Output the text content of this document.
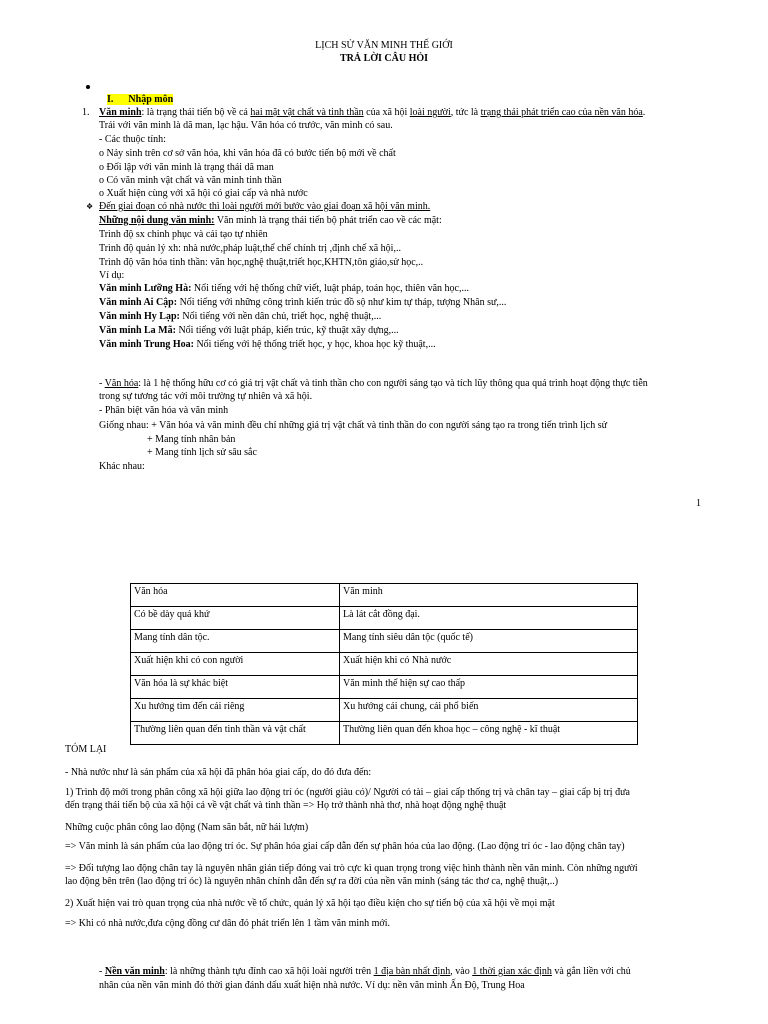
LỊCH SỬ VĂN MINH THẾ GIỚI
TRẢ LỜI CÂU HỎI
I. Nhập môn
1. Văn minh: là trạng thái tiến bộ về cả hai mặt vật chất và tinh thần của xã hội loài người, tức là trạng thái phát triển cao của nền văn hóa.
Trái với văn minh là dã man, lạc hậu. Văn hóa có trước, văn minh có sau.
- Các thuộc tính:
o Nảy sinh trên cơ sở văn hóa, khi văn hóa đã có bước tiến bộ mới về chất
o Đối lập với văn minh là trạng thái dã man
o Có văn minh vật chất và văn minh tinh thần
o Xuất hiện cùng với xã hội có giai cấp và nhà nước
❖ Đến giai đoạn có nhà nước thì loài người mới bước vào giai đoạn xã hội văn minh.
Những nội dung văn minh: Văn minh là trạng thái tiến bộ phát triển cao về các mặt:
Trình độ sx chinh phục và cải tạo tự nhiên
Trình độ quản lý xh: nhà nước,pháp luật,thể chế chính trị ,định chế xã hội,..
Trình độ văn hóa tinh thần: văn học,nghệ thuật,triết học,KHTN,tôn giáo,sử học,..
Ví dụ:
Văn minh Lưỡng Hà: Nổi tiếng với hệ thống chữ viết, luật pháp, toán học, thiên văn học,...
Văn minh Ai Cập: Nổi tiếng với những công trình kiến trúc đồ sộ như kim tự tháp, tượng Nhân sư,...
Văn minh Hy Lạp: Nổi tiếng với nền dân chủ, triết học, nghệ thuật,...
Văn minh La Mã: Nổi tiếng với luật pháp, kiến trúc, kỹ thuật xây dựng,...
Văn minh Trung Hoa: Nổi tiếng với hệ thống triết học, y học, khoa học kỹ thuật,...
- Văn hóa: là 1 hệ thống hữu cơ có giá trị vật chất và tinh thần cho con người sáng tạo và tích lũy thông qua quá trình hoạt động thực tiễn
trong sự tương tác với môi trường tự nhiên và xã hội.
- Phân biệt văn hóa và văn minh
Giống nhau: + Văn hóa và văn minh đều chỉ những giá trị vật chất và tinh thần do con người sáng tạo ra trong tiến trình lịch sử
+ Mang tính nhân bản
+ Mang tính lịch sử sâu sắc
Khác nhau:
1
Văn hóa	Văn minh
Có bề dày quá khứ	Là lát cắt đồng đại.
Mang tính dân tộc.	Mang tính siêu dân tộc (quốc tế)
Xuất hiện khi có con người	Xuất hiện khi có Nhà nước
Văn hóa là sự khác biệt	Văn minh thể hiện sự cao thấp
Xu hướng tìm đến cái riêng	Xu hướng cái chung, cái phổ biến
Thường liên quan đến tinh thần và vật chất	Thường liên quan đến khoa học – công nghệ - kĩ thuật
TÓM LẠI
- Nhà nước như là sản phẩm của xã hội đã phân hóa giai cấp, do đó đưa đến:
1) Trình độ mới trong phân công xã hội giữa lao động trí óc (người giàu có)/ Người có tài – giai cấp thống trị và chân tay – giai cấp bị trị đưa
đến trạng thái tiến bộ của xã hội cả về vật chất và tinh thần => Họ trở thành nhà thơ, nhà hoạt động nghệ thuật
Những cuộc phân công lao động (Nam săn bắt, nữ hái lượm)
=> Văn minh là sản phẩm của lao động trí óc. Sự phân hóa giai cấp dẫn đến sự phân hóa của lao động. (Lao động trí óc - lao động chân tay)
=> Đối tượng lao động chân tay là nguyên nhân gián tiếp đóng vai trò cực kì quan trọng trong việc hình thành nền văn minh. Còn những người
lao động bên trên (lao động trí óc) là nguyên nhân chính dẫn đến sự ra đời của nền văn minh (sáng tác thơ ca, nghệ thuật,..)
2) Xuất hiện vai trò quan trọng của nhà nước về tổ chức, quản lý xã hội tạo điều kiện cho sự tiến bộ của xã hội về mọi mặt
=> Khi có nhà nước,đưa cộng đồng cư dân đó phát triển lên 1 tầm văn minh mới.
- Nền văn minh: là những thành tựu đỉnh cao xã hội loài người trên 1 địa bàn nhất định, vào 1 thời gian xác định và gắn liền với chủ
nhân của nền văn minh đó thời gian đánh dấu xuất hiện nhà nước. Ví dụ: nền văn minh Ấn Độ, Trung Hoa
